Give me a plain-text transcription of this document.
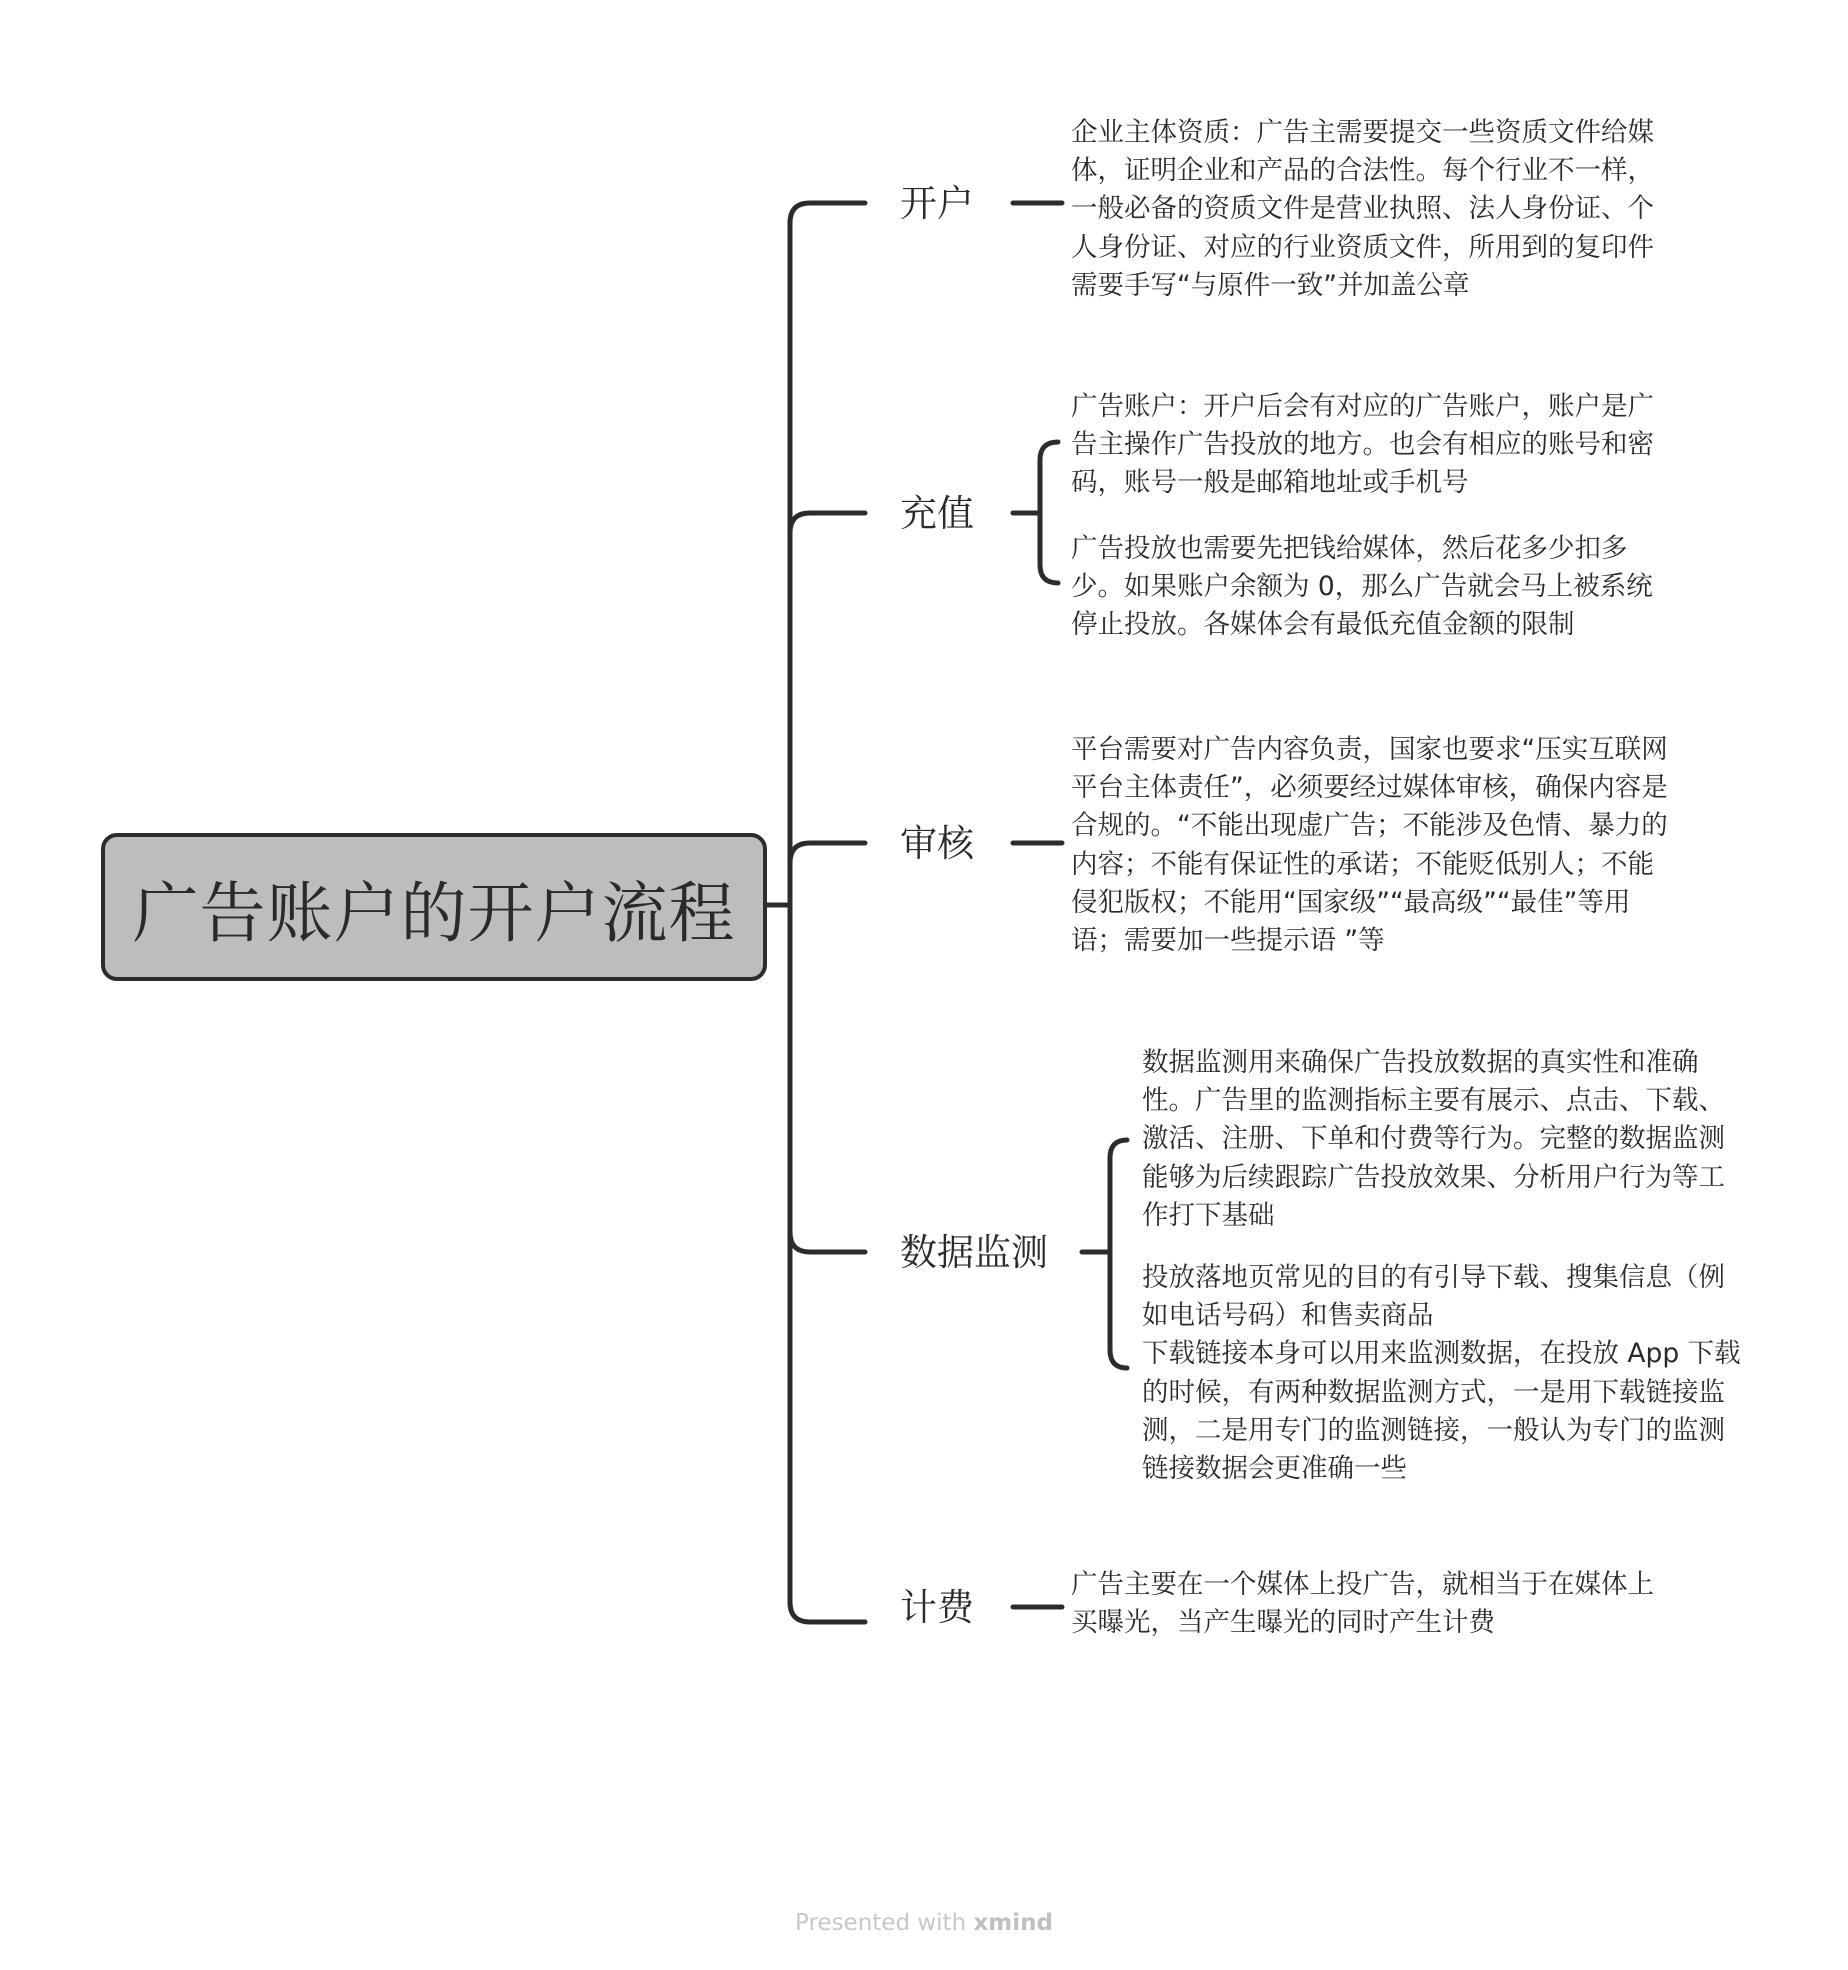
广告账户的开户流程
开户
充值
审核
数据监测
计费
企业主体资质：广告主需要提交一些资质文件给媒体，证明企业和产品的合法性。每个行业不一样，一般必备的资质文件是营业执照、法人身份证、个人身份证、对应的行业资质文件，所用到的复印件需要手写“与原件一致”并加盖公章
广告账户：开户后会有对应的广告账户，账户是广告主操作广告投放的地方。也会有相应的账号和密码，账号一般是邮箱地址或手机号
广告投放也需要先把钱给媒体，然后花多少扣多少。如果账户余额为 0，那么广告就会马上被系统停止投放。各媒体会有最低充值金额的限制
平台需要对广告内容负责，国家也要求“压实互联网平台主体责任”，必须要经过媒体审核，确保内容是合规的。“不能出现虚广告；不能涉及色情、暴力的内容；不能有保证性的承诺；不能贬低别人；不能侵犯版权；不能用“国家级”“最高级”“最佳”等用语；需要加一些提示语 ”等
数据监测用来确保广告投放数据的真实性和准确性。广告里的监测指标主要有展示、点击、下载、激活、注册、下单和付费等行为。完整的数据监测能够为后续跟踪广告投放效果、分析用户行为等工作打下基础
投放落地页常见的目的有引导下载、搜集信息（例如电话号码）和售卖商品
下载链接本身可以用来监测数据，在投放 App 下载的时候，有两种数据监测方式，一是用下载链接监测，二是用专门的监测链接，一般认为专门的监测链接数据会更准确一些
广告主要在一个媒体上投广告，就相当于在媒体上买曝光，当产生曝光的同时产生计费
Presented with xmind
